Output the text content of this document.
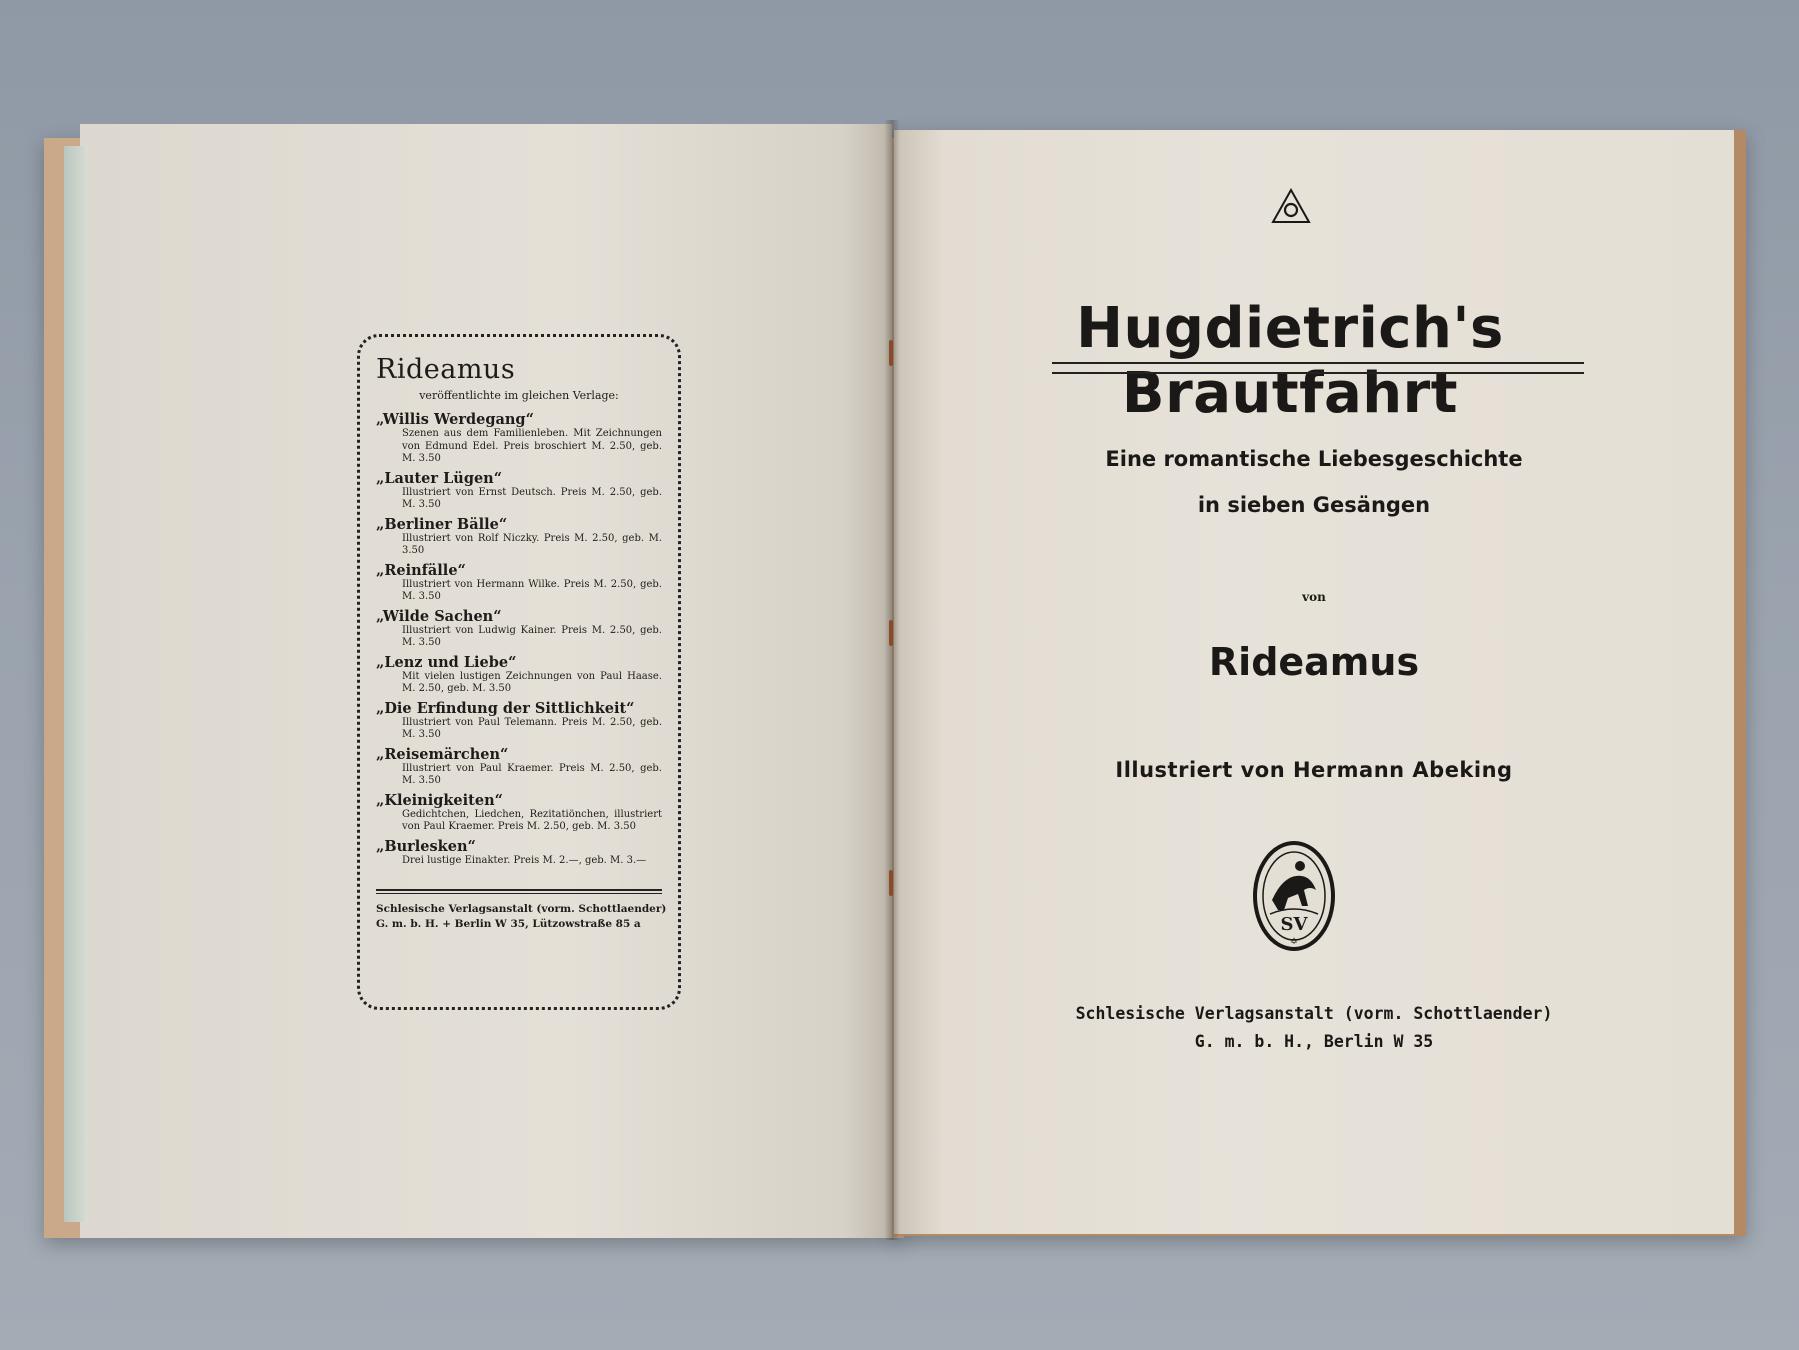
Rideamus
veröffentlichte im gleichen Verlage:
„Willis Werdegang“
Szenen aus dem Familienleben. Mit Zeichnungen von Edmund Edel. Preis broschiert M. 2.50, geb. M. 3.50
„Lauter Lügen“
Illustriert von Ernst Deutsch. Preis M. 2.50, geb. M. 3.50
„Berliner Bälle“
Illustriert von Rolf Niczky. Preis M. 2.50, geb. M. 3.50
„Reinfälle“
Illustriert von Hermann Wilke. Preis M. 2.50, geb. M. 3.50
„Wilde Sachen“
Illustriert von Ludwig Kainer. Preis M. 2.50, geb. M. 3.50
„Lenz und Liebe“
Mit vielen lustigen Zeichnungen von Paul Haase. M. 2.50, geb. M. 3.50
„Die Erfindung der Sittlichkeit“
Illustriert von Paul Telemann. Preis M. 2.50, geb. M. 3.50
„Reisemärchen“
Illustriert von Paul Kraemer. Preis M. 2.50, geb. M. 3.50
„Kleinigkeiten“
Gedichtchen, Liedchen, Rezitatiönchen, illustriert von Paul Kraemer. Preis M. 2.50, geb. M. 3.50
„Burlesken“
Drei lustige Einakter. Preis M. 2.—, geb. M. 3.—
Schlesische Verlagsanstalt (vorm. Schottlaender)
G. m. b. H. + Berlin W 35, Lützowstraße 85 a
Hugdietrich's Brautfahrt
Eine romantische Liebesgeschichte
in sieben Gesängen
von
Rideamus
Illustriert von Hermann Abeking
SV
✡
Schlesische Verlagsanstalt (vorm. Schottlaender)
G. m. b. H., Berlin W 35
